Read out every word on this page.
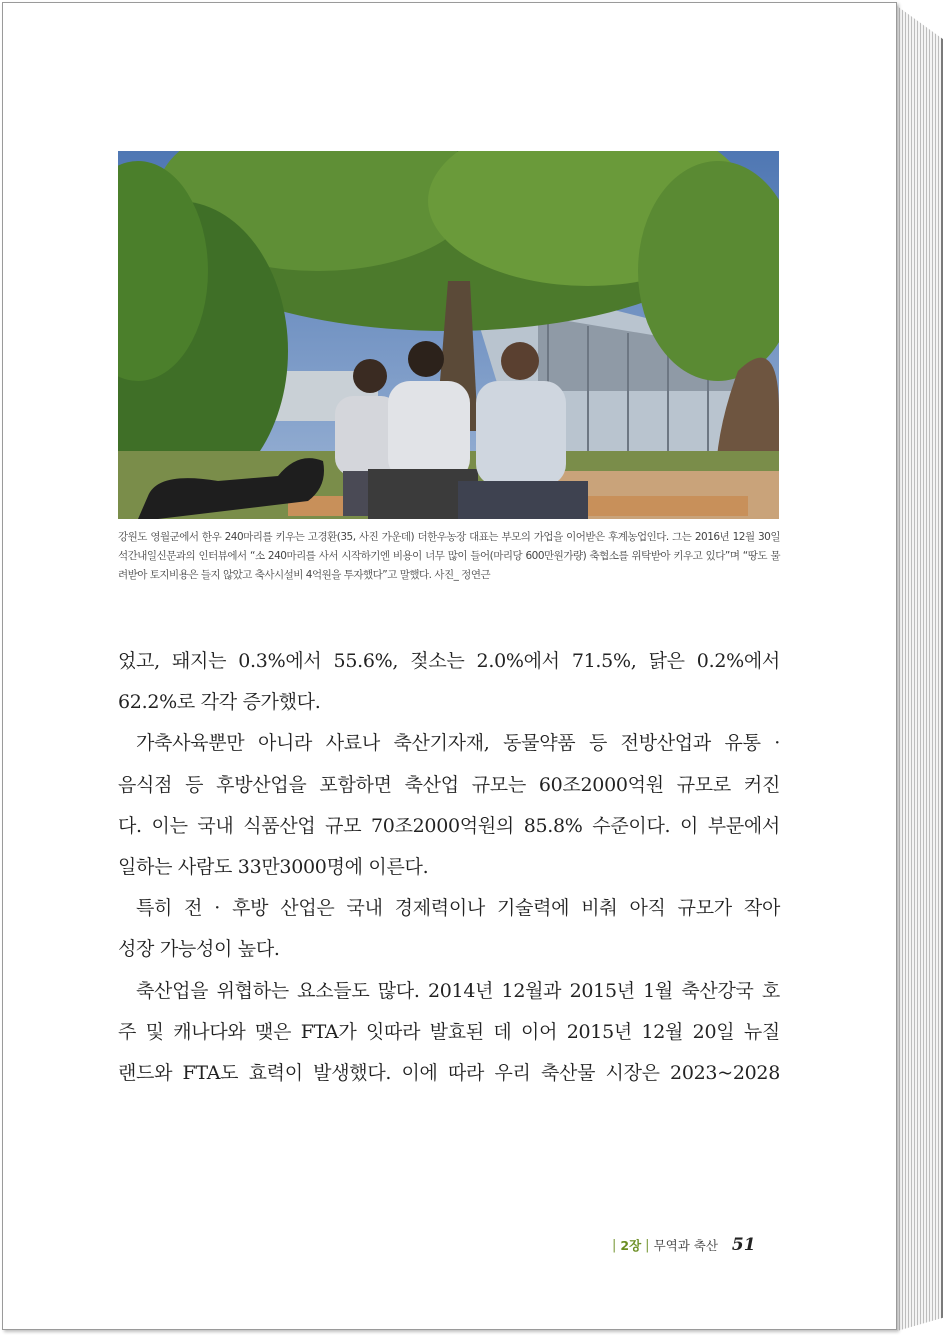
강원도 영월군에서 한우 240마리를 키우는 고경환(35, 사진 가운데) 더한우농장 대표는 부모의 가업을 이어받은 후계농업인다. 그는 2016년 12월 30일 석간내일신문과의 인터뷰에서 “소 240마리를 사서 시작하기엔 비용이 너무 많이 들어(마리당 600만원가량) 축협소를 위탁받아 키우고 있다”며 “땅도 물려받아 토지비용은 들지 않았고 축사시설비 4억원을 투자했다”고 말했다. 사진_ 정연근

었고, 돼지는 0.3%에서 55.6%, 젖소는 2.0%에서 71.5%, 닭은 0.2%에서

62.2%로 각각 증가했다.

가축사육뿐만 아니라 사료나 축산기자재, 동물약품 등 전방산업과 유통 ·

음식점 등 후방산업을 포함하면 축산업 규모는 60조2000억원 규모로 커진

다. 이는 국내 식품산업 규모 70조2000억원의 85.8% 수준이다. 이 부문에서

일하는 사람도 33만3000명에 이른다.

특히 전 · 후방 산업은 국내 경제력이나 기술력에 비춰 아직 규모가 작아

성장 가능성이 높다.

축산업을 위협하는 요소들도 많다. 2014년 12월과 2015년 1월 축산강국 호

주 및 캐나다와 맺은 FTA가 잇따라 발효된 데 이어 2015년 12월 20일 뉴질

랜드와 FTA도 효력이 발생했다. 이에 따라 우리 축산물 시장은 2023~2028

| 2장 | 무역과 축산 51
